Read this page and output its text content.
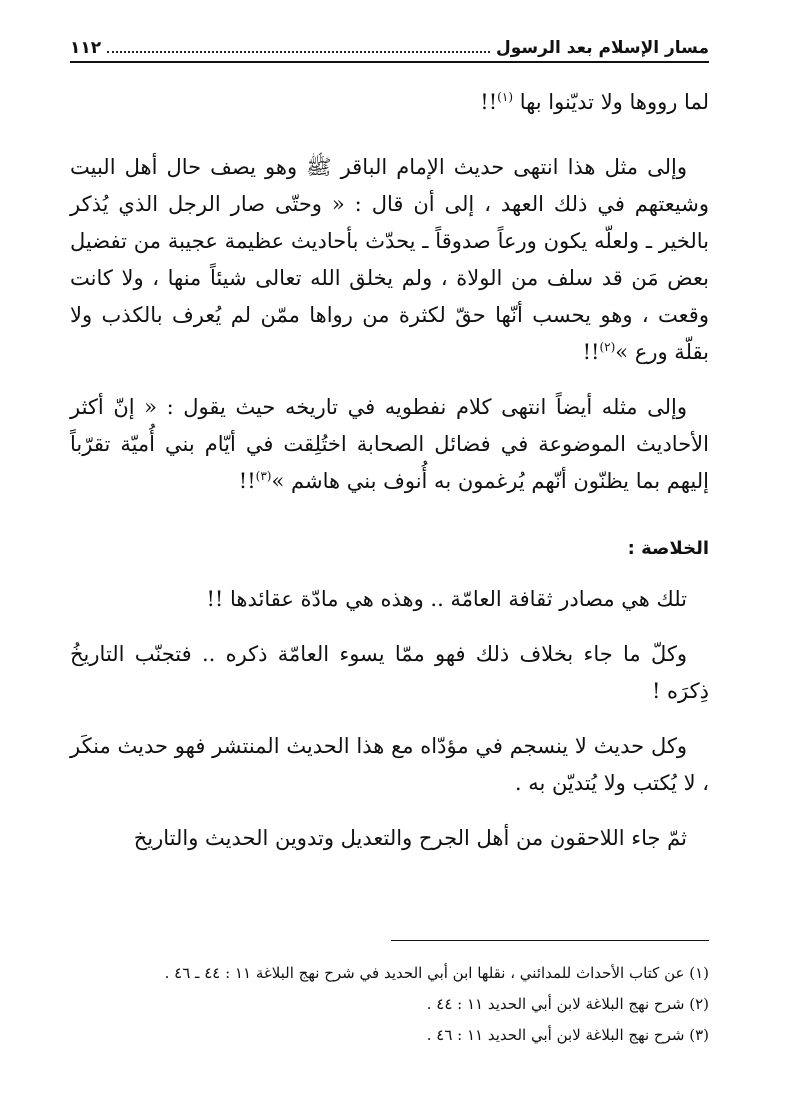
مسار الإسلام بعد الرسول
١١٢

لما رووها ولا تديّنوا بها $^{(١)}$!!

وإلى مثل هذا انتهى حديث الإمام الباقر ﷺ وهو يصف حال أهل البيت وشيعتهم في ذلك العهد ، إلى أن قال : « وحتّى صار الرجل الذي يُذكر بالخير ـ ولعلّه يكون ورعاً صدوقاً ـ يحدّث بأحاديث عظيمة عجيبة من تفضيل بعض مَن قد سلف من الولاة ، ولم يخلق الله تعالى شيئاً منها ، ولا كانت وقعت ، وهو يحسب أنّها حقّ لكثرة من رواها ممّن لم يُعرف بالكذب ولا بقلّة ورع »$^{(٢)}$!!

وإلى مثله أيضاً انتهى كلام نفطويه في تاريخه حيث يقول : « إنّ أكثر الأحاديث الموضوعة في فضائل الصحابة اختُلِقت في أيّام بني أُميّة تقرّباً إليهم بما يظنّون أنّهم يُرغمون به أُنوف بني هاشم »$^{(٣)}$!!

الخلاصة :

تلك هي مصادر ثقافة العامّة .. وهذه هي مادّة عقائدها !!

وكلّ ما جاء بخلاف ذلك فهو ممّا يسوء العامّة ذكره .. فتجنّب التاريخُ ذِكرَه !

وكل حديث لا ينسجم في مؤدّاه مع هذا الحديث المنتشر فهو حديث منكَر ، لا يُكتب ولا يُتديّن به .

ثمّ جاء اللاحقون من أهل الجرح والتعديل وتدوين الحديث والتاريخ

(١) عن كتاب الأحداث للمدائني ، نقلها ابن أبي الحديد في شرح نهج البلاغة ١١ : ٤٤ ـ ٤٦ .
(٢) شرح نهج البلاغة لابن أبي الحديد ١١ : ٤٤ .
(٣) شرح نهج البلاغة لابن أبي الحديد ١١ : ٤٦ .
